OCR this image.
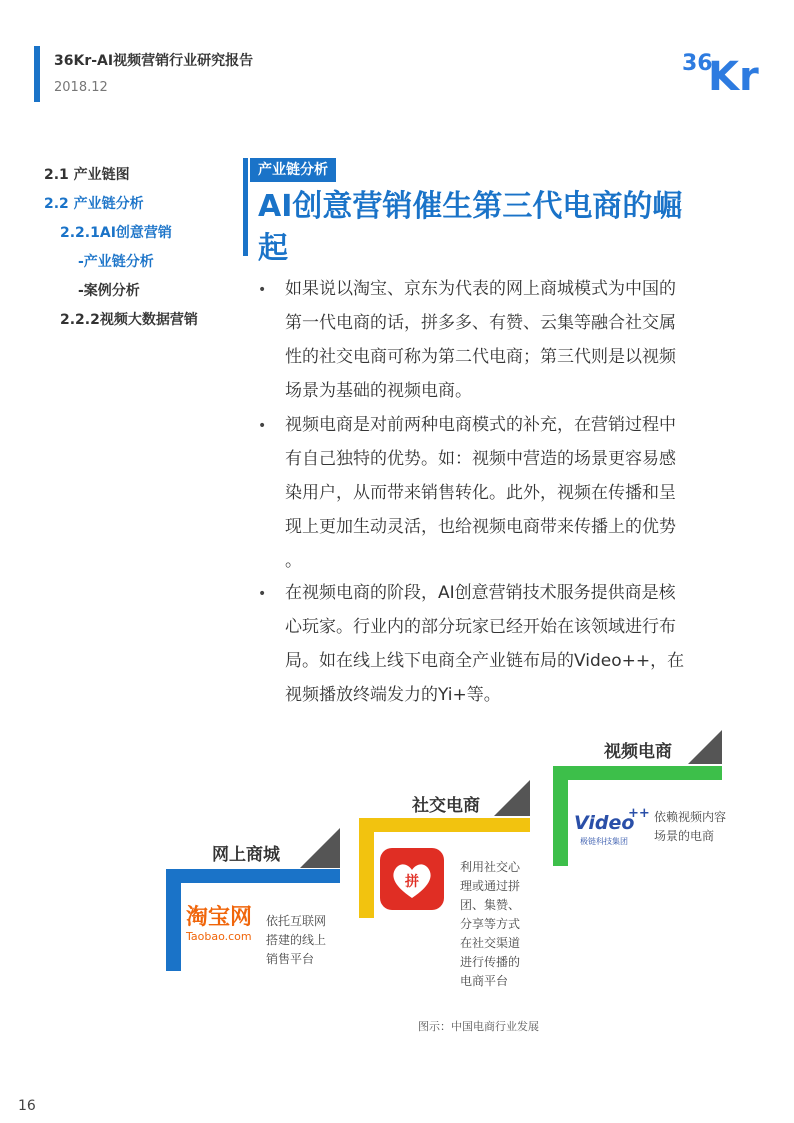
36Kr-AI视频营销行业研究报告
2018.12
36
Kr
2.1 产业链图
2.2 产业链分析
2.2.1AI创意营销
-产业链分析
-案例分析
2.2.2视频大数据营销
产业链分析
AI创意营销催生第三代电商的崛
起
• 如果说以淘宝、京东为代表的网上商城模式为中国的
第一代电商的话，拼多多、有赞、云集等融合社交属
性的社交电商可称为第二代电商；第三代则是以视频
场景为基础的视频电商。
• 视频电商是对前两种电商模式的补充，在营销过程中
有自己独特的优势。如：视频中营造的场景更容易感
染用户，从而带来销售转化。此外，视频在传播和呈
现上更加生动灵活，也给视频电商带来传播上的优势
。
• 在视频电商的阶段，AI创意营销技术服务提供商是核
心玩家。行业内的部分玩家已经开始在该领域进行布
局。如在线上线下电商全产业链布局的Video++，在
视频播放终端发力的Yi+等。
网上商城
淘宝网
Taobao.com
依托互联网
搭建的线上
销售平台
社交电商
拼
利用社交心
理或通过拼
团、集赞、
分享等方式
在社交渠道
进行传播的
电商平台
视频电商
Video
++
极链科技集团
依赖视频内容
场景的电商
图示：中国电商行业发展
16
